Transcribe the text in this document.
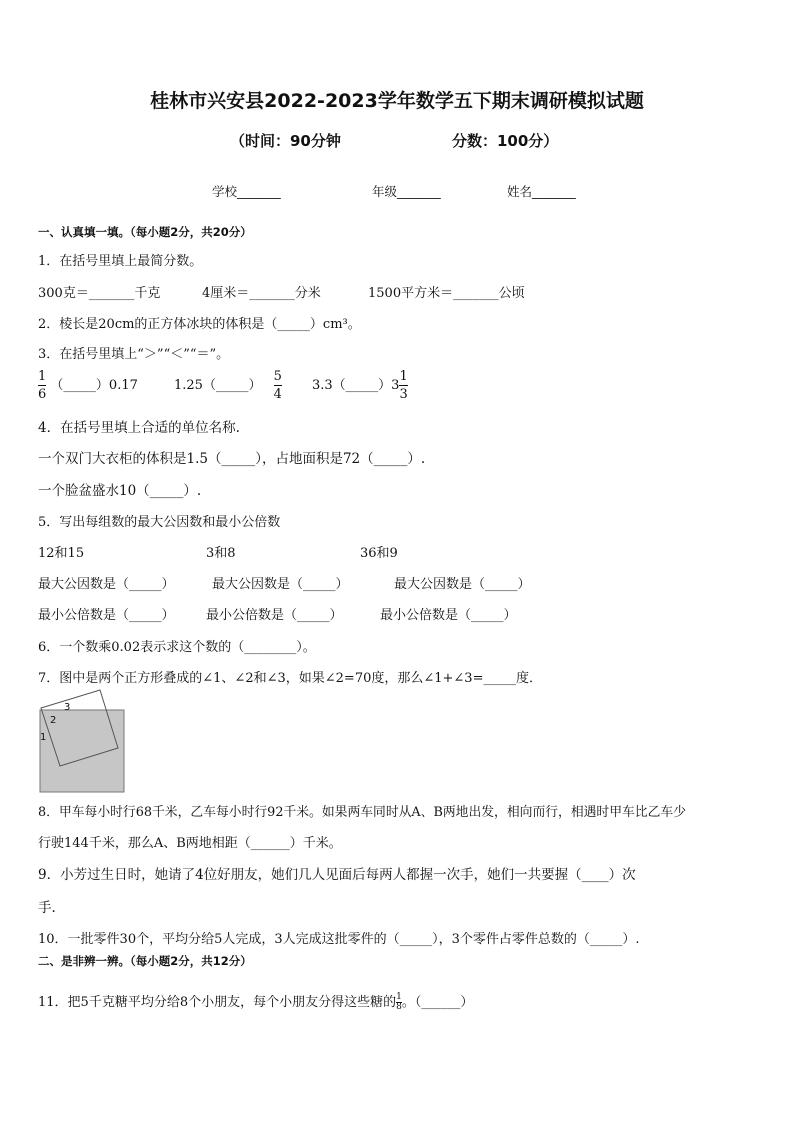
桂林市兴安县2022-2023学年数学五下期末调研模拟试题
（时间：90分钟	分数：100分）
学校_______	年级_______	姓名_______
一、认真填一填。（每小题2分，共20分）
1．在括号里填上最简分数。
300克＝_______千克	4厘米＝_______分米	1500平方米＝_______公顷
2．棱长是20cm的正方体冰块的体积是（_____）cm³。
3．在括号里填上“＞”“＜”“＝”。
$\frac{1}{6}$ （_____）0.17	1.25（_____） $\frac{5}{4}$ 3.3（_____）3 $\frac{1}{3}$
4．在括号里填上合适的单位名称.
一个双门大衣柜的体积是1.5（_____），占地面积是72（_____）.
一个脸盆盛水10（_____）.
5．写出每组数的最大公因数和最小公倍数
12和15	3和8	36和9
最大公因数是（_____）	最大公因数是（_____）	最大公因数是（_____）
最小公倍数是（_____） 最小公倍数是（_____）	最小公倍数是（_____）
6．一个数乘0.02表示求这个数的（________）。
7．图中是两个正方形叠成的∠1、∠2和∠3，如果∠2=70度，那么∠1+∠3=_____度．
1
2
3
8．甲车每小时行68千米，乙车每小时行92千米。如果两车同时从A、B两地出发，相向而行，相遇时甲车比乙车少
行驶144千米，那么A、B两地相距（______）千米。
9．小芳过生日时，她请了4位好朋友，她们几人见面后每两人都握一次手，她们一共要握（____）次
手.
10．一批零件30个，平均分给5人完成，3人完成这批零件的（_____），3个零件占零件总数的（_____）.
二、是非辨一辨。（每小题2分，共12分）
11．把5千克糖平均分给8个小朋友，每个小朋友分得这些糖的 $\frac{1}{8}$ 。（______）
